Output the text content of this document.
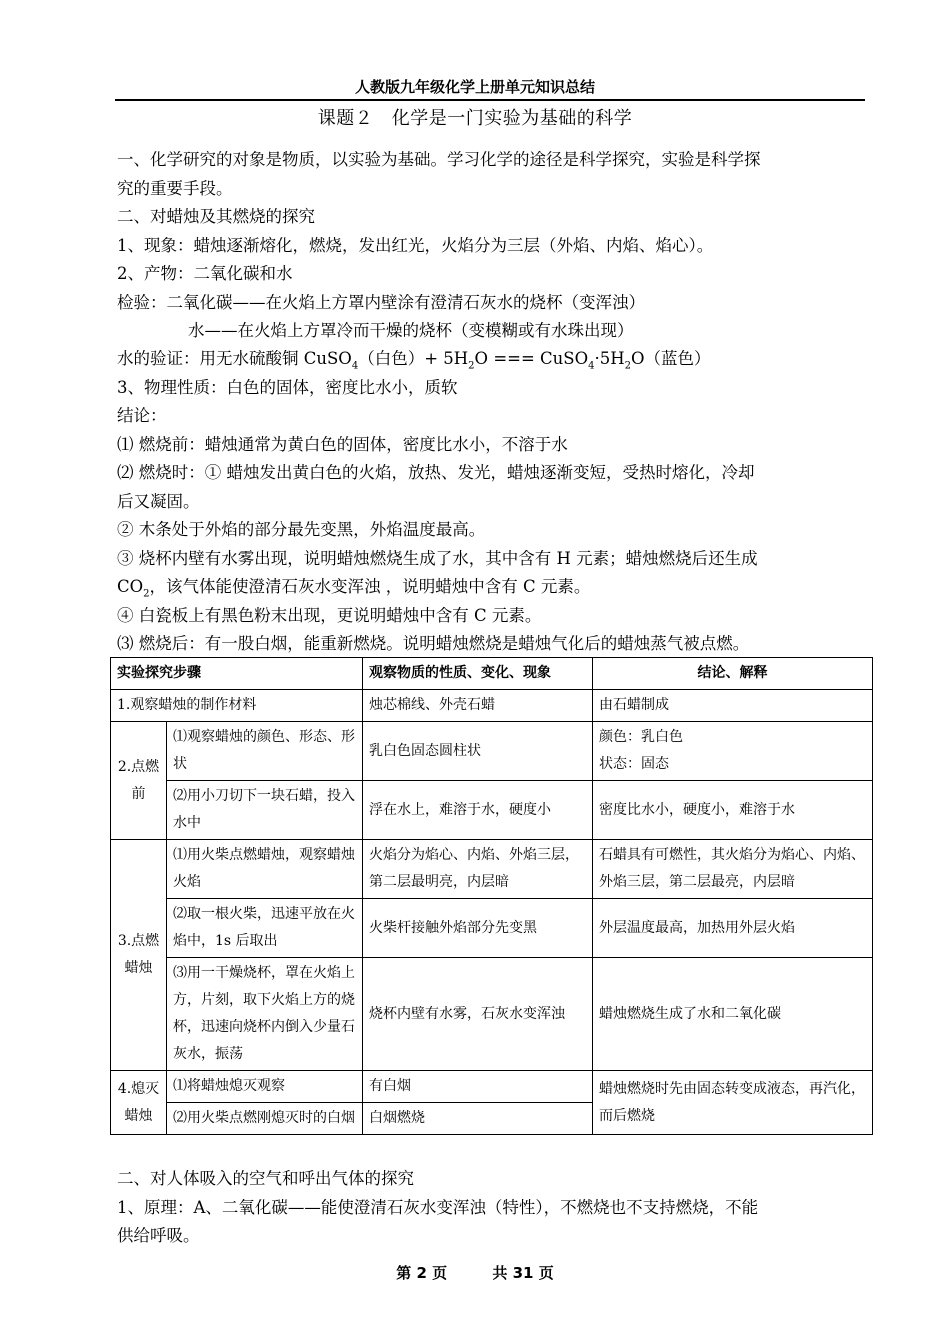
人教版九年级化学上册单元知识总结
课题２　化学是一门实验为基础的科学
一、化学研究的对象是物质，以实验为基础。学习化学的途径是科学探究，实验是科学探
究的重要手段。
二、对蜡烛及其燃烧的探究
1、现象：蜡烛逐渐熔化，燃烧，发出红光，火焰分为三层（外焰、内焰、焰心）。
2、产物：二氧化碳和水
检验：二氧化碳——在火焰上方罩内壁涂有澄清石灰水的烧杯（变浑浊）
水——在火焰上方罩冷而干燥的烧杯（变模糊或有水珠出现）
水的验证：用无水硫酸铜 CuSO$_4$（白色）+ $5H_2O$ === $CuSO_4\cdot 5H_2O$（蓝色）
3、物理性质：白色的固体，密度比水小，质软
结论：
⑴ 燃烧前：蜡烛通常为黄白色的固体，密度比水小，不溶于水
⑵ 燃烧时：① 蜡烛发出黄白色的火焰，放热、发光，蜡烛逐渐变短，受热时熔化，冷却
后又凝固。
② 木条处于外焰的部分最先变黑，外焰温度最高。
③ 烧杯内壁有水雾出现，说明蜡烛燃烧生成了水，其中含有 H 元素；蜡烛燃烧后还生成
$CO_2$，该气体能使澄清石灰水变浑浊 ，说明蜡烛中含有 C 元素。
④ 白瓷板上有黑色粉末出现，更说明蜡烛中含有 C 元素。
⑶ 燃烧后：有一股白烟，能重新燃烧。说明蜡烛燃烧是蜡烛气化后的蜡烛蒸气被点燃。
实验探究步骤		观察物质的性质、变化、现象	结论、解释
1.观察蜡烛的制作材料		烛芯棉线、外壳石蜡	由石蜡制成
2.点燃前	⑴观察蜡烛的颜色、形态、形状	乳白色固态圆柱状	颜色：乳白色
状态：固态

	⑵用小刀切下一块石蜡，投入水中	浮在水上，难溶于水，硬度小	密度比水小，硬度小，难溶于水
3.点燃蜡烛	⑴用火柴点燃蜡烛，观察蜡烛火焰	火焰分为焰心、内焰、外焰三层，第二层最明亮，内层暗	石蜡具有可燃性，其火焰分为焰心、内焰、外焰三层，第二层最亮，内层暗
	⑵取一根火柴，迅速平放在火焰中，1s 后取出	火柴杆接触外焰部分先变黑	外层温度最高，加热用外层火焰
	⑶用一干燥烧杯，罩在火焰上方，片刻，取下火焰上方的烧杯，迅速向烧杯内倒入少量石灰水，振荡	烧杯内壁有水雾，石灰水变浑浊	蜡烛燃烧生成了水和二氧化碳
4.熄灭蜡烛	⑴将蜡烛熄灭观察	有白烟	蜡烛燃烧时先由固态转变成液态，再汽化，而后燃烧
	⑵用火柴点燃刚熄灭时的白烟	白烟燃烧	
二、对人体吸入的空气和呼出气体的探究
1、原理：A、二氧化碳——能使澄清石灰水变浑浊（特性），不燃烧也不支持燃烧，不能
供给呼吸。
第 2 页	共 31 页
